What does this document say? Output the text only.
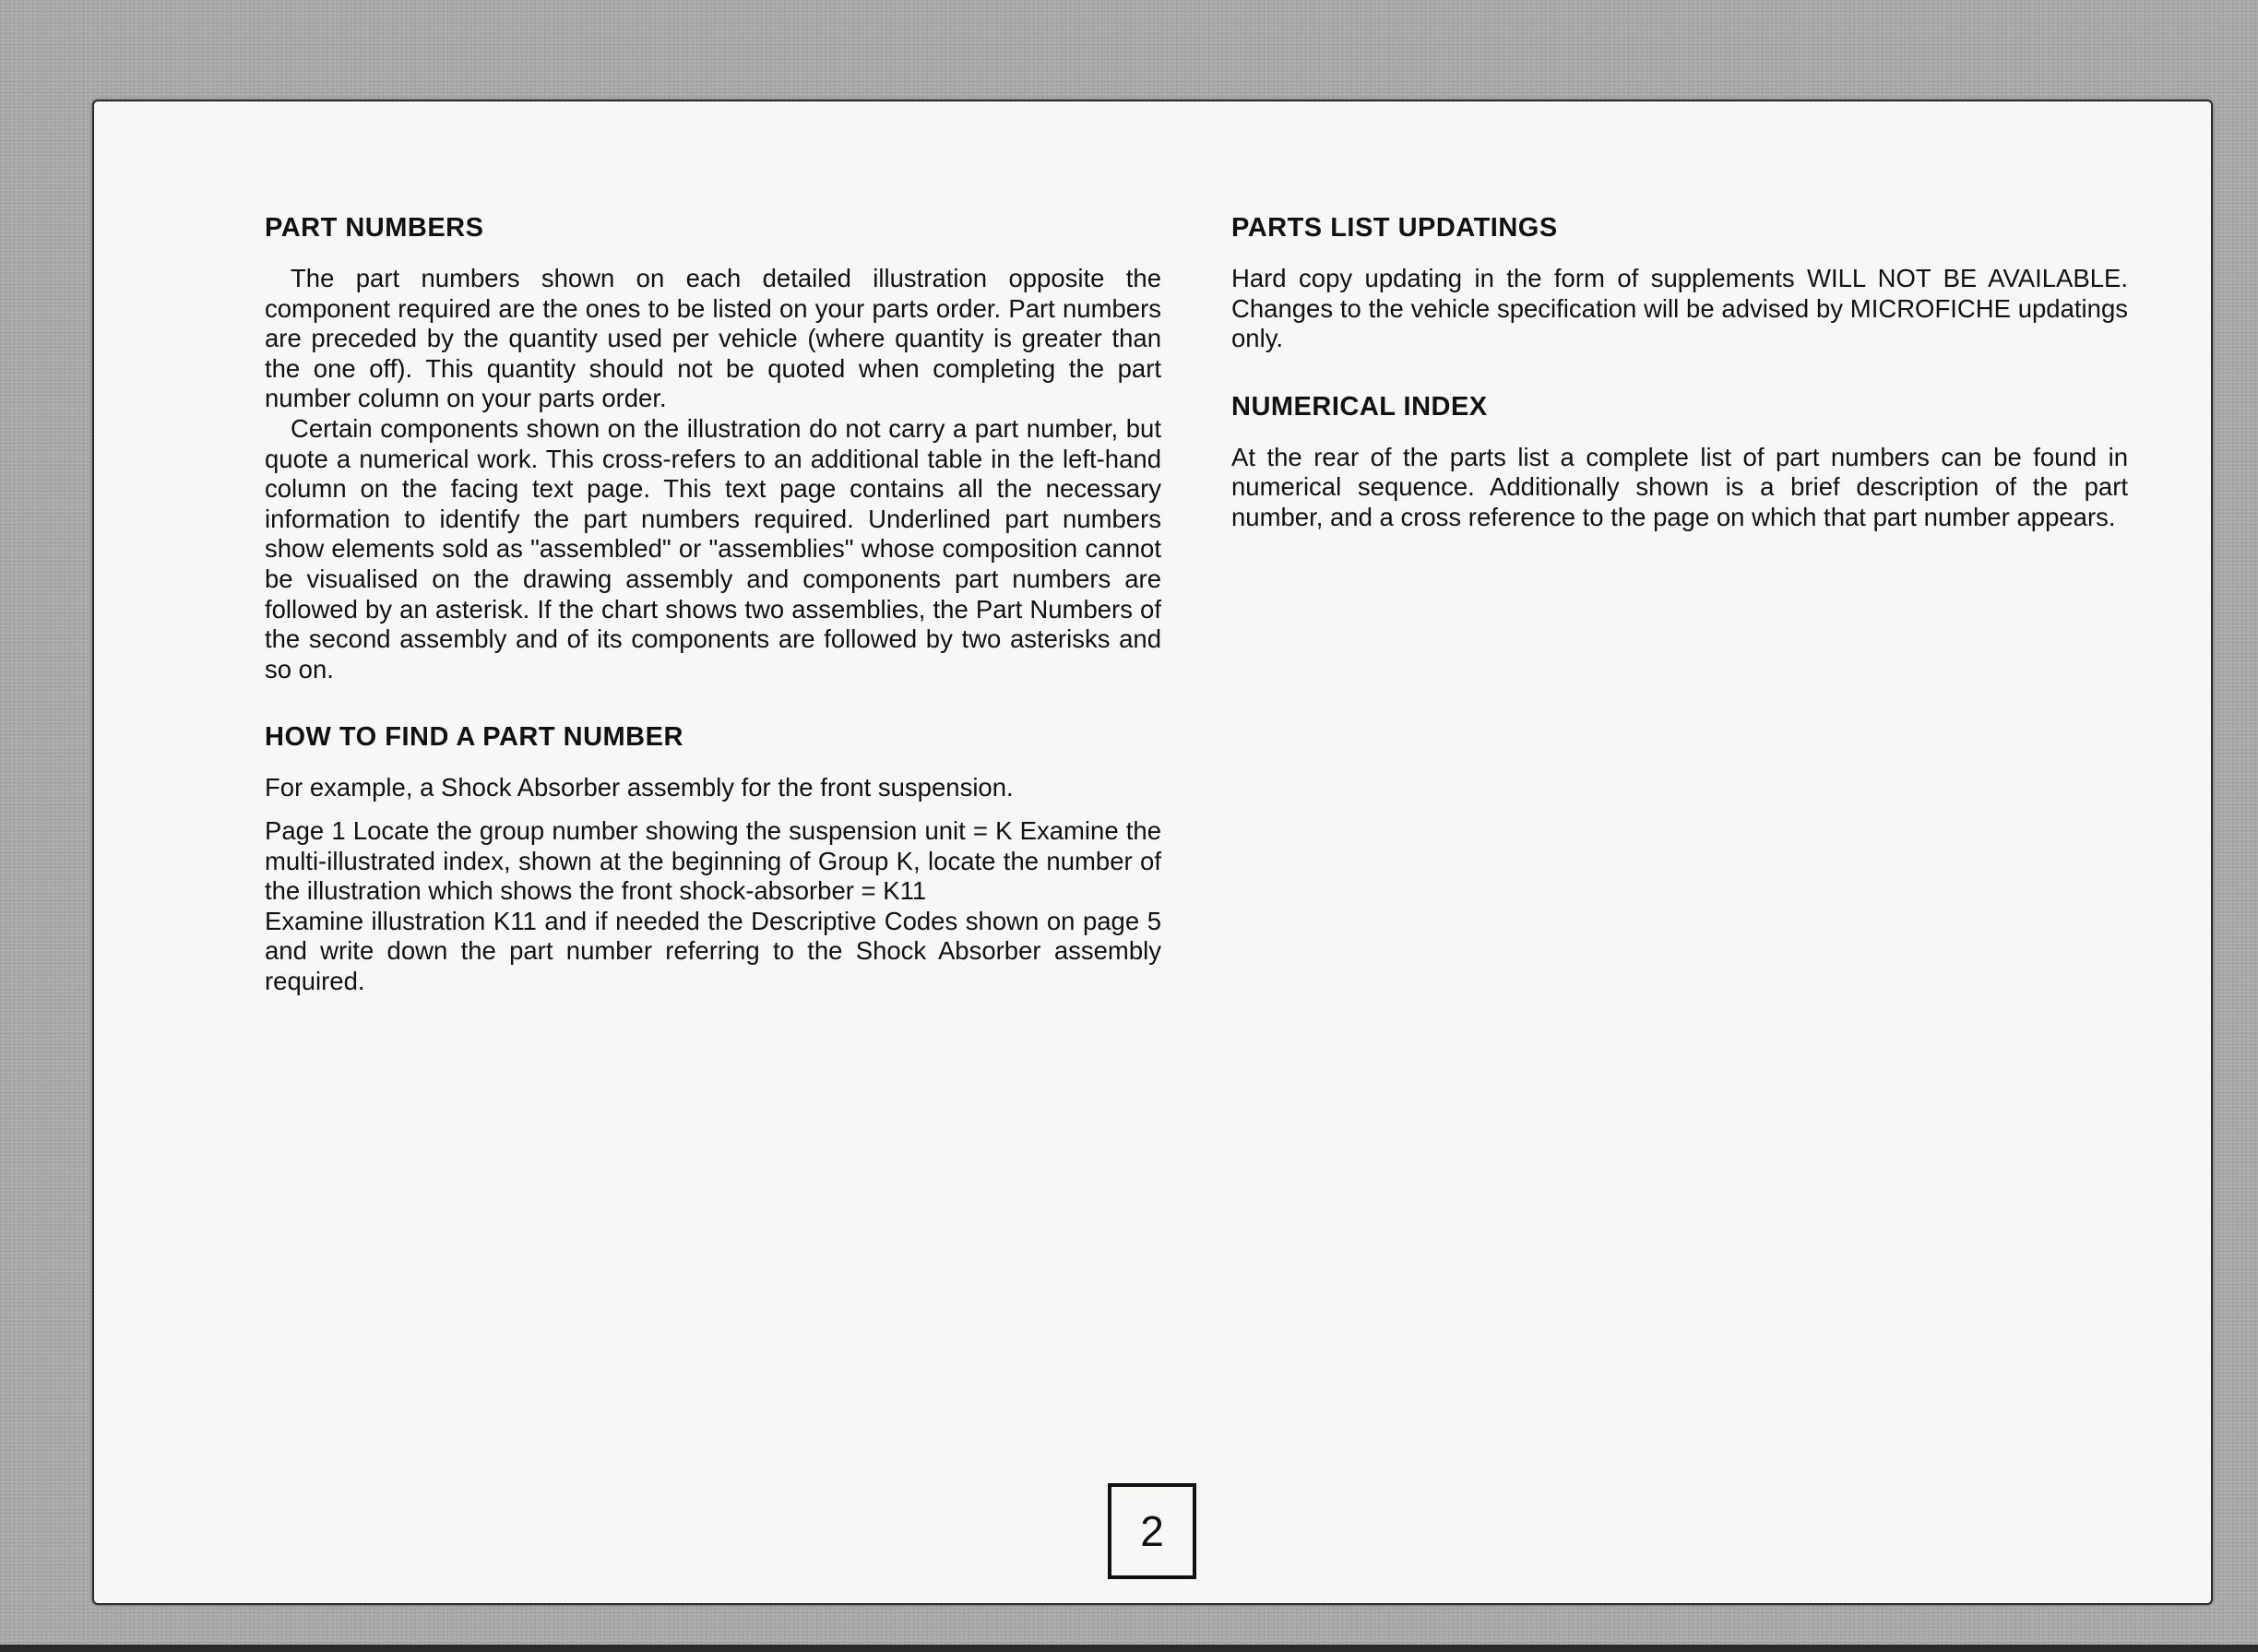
PART NUMBERS

The part numbers shown on each detailed illustration opposite the component required are the ones to be listed on your parts order. Part numbers are preceded by the quantity used per vehicle (where quantity is greater than the one off). This quantity should not be quoted when completing the part number column on your parts order.

Certain components shown on the illustration do not carry a part number, but quote a numerical work. This cross-refers to an additional table in the left-hand column on the facing text page. This text page contains all the necessary information to identify the part numbers required. Underlined part numbers show elements sold as "assembled" or "assemblies" whose composition cannot be visualised on the drawing assembly and components part numbers are followed by an asterisk. If the chart shows two assemblies, the Part Numbers of the second assembly and of its components are followed by two asterisks and so on.

HOW TO FIND A PART NUMBER

For example, a Shock Absorber assembly for the front suspension.

Page 1 Locate the group number showing the suspension unit = K Examine the multi-illustrated index, shown at the beginning of Group K, locate the number of the illustration which shows the front shock-absorber = K11

Examine illustration K11 and if needed the Descriptive Codes shown on page 5 and write down the part number referring to the Shock Absorber assembly required.

PARTS LIST UPDATINGS

Hard copy updating in the form of supplements WILL NOT BE AVAILABLE. Changes to the vehicle specification will be advised by MICROFICHE updatings only.

NUMERICAL INDEX

At the rear of the parts list a complete list of part numbers can be found in numerical sequence. Additionally shown is a brief description of the part number, and a cross reference to the page on which that part number appears.

2
